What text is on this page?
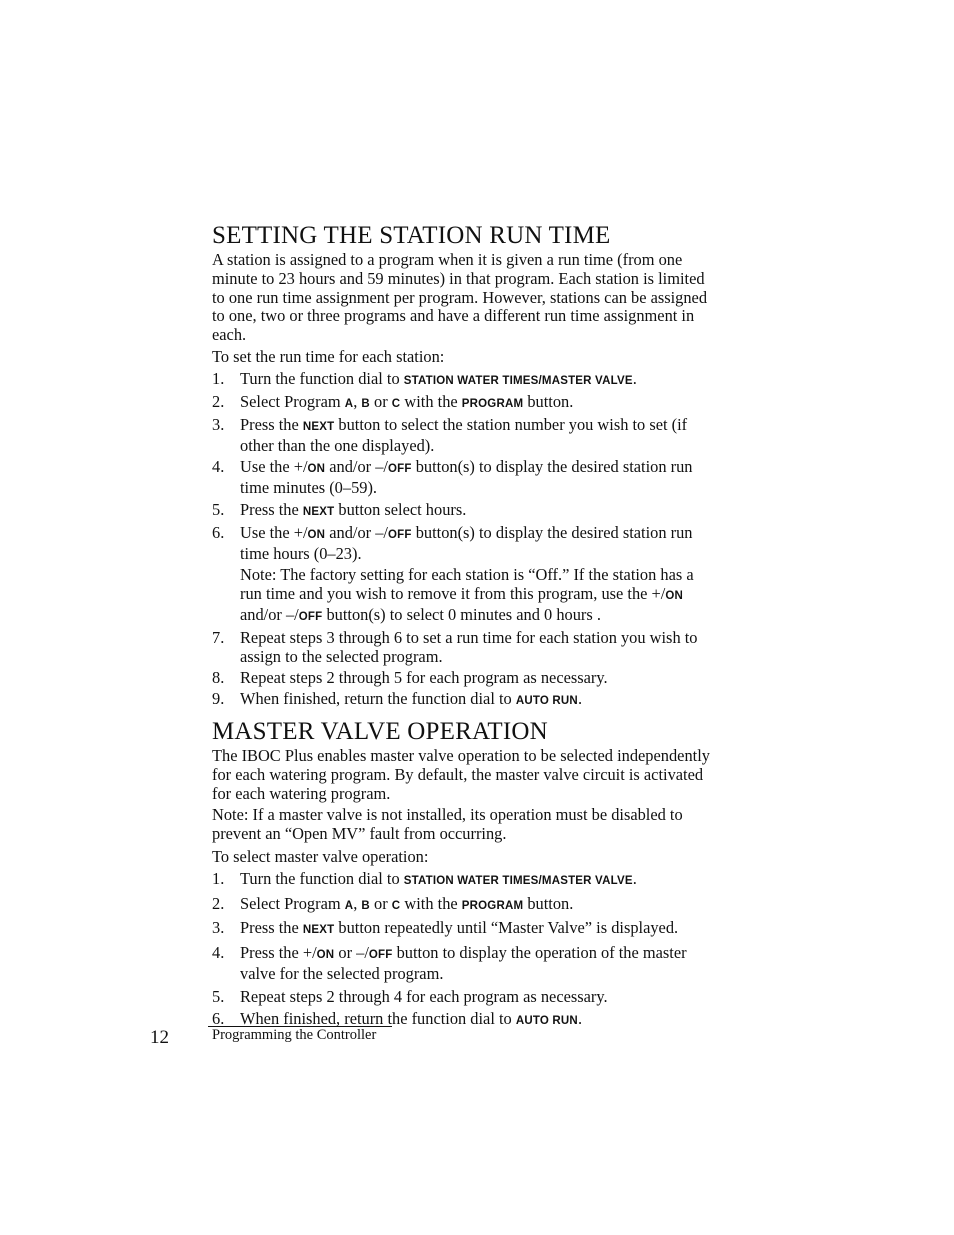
SETTING THE STATION RUN TIME

A station is assigned to a program when it is given a run time (from one minute to 23 hours and 59 minutes) in that program. Each station is limited to one run time assignment per program. However, stations can be assigned to one, two or three programs and have a different run time assignment in each.

To set the run time for each station:

1. Turn the function dial to STATION WATER TIMES/MASTER VALVE.
2. Select Program A, B or C with the PROGRAM button.
3. Press the NEXT button to select the station number you wish to set (if other than the one displayed).
4. Use the +/ON and/or –/OFF button(s) to display the desired station run time minutes (0–59).
5. Press the NEXT button select hours.
6. Use the +/ON and/or –/OFF button(s) to display the desired station run time hours (0–23).

Note: The factory setting for each station is “Off.” If the station has a run time and you wish to remove it from this program, use the +/ON and/or –/OFF button(s) to select 0 minutes and 0 hours .

7. Repeat steps 3 through 6 to set a run time for each station you wish to assign to the selected program.
8. Repeat steps 2 through 5 for each program as necessary.
9. When finished, return the function dial to AUTO RUN.
MASTER VALVE OPERATION

The IBOC Plus enables master valve operation to be selected independently for each watering program. By default, the master valve circuit is activated for each watering program.

Note: If a master valve is not installed, its operation must be disabled to prevent an “Open MV” fault from occurring.

To select master valve operation:

1. Turn the function dial to STATION WATER TIMES/MASTER VALVE.
2. Select Program A, B or C with the PROGRAM button.
3. Press the NEXT button repeatedly until “Master Valve” is displayed.
4. Press the +/ON or –/OFF button to display the operation of the master valve for the selected program.
5. Repeat steps 2 through 4 for each program as necessary.
6. When finished, return the function dial to AUTO RUN.
12	Programming the Controller
